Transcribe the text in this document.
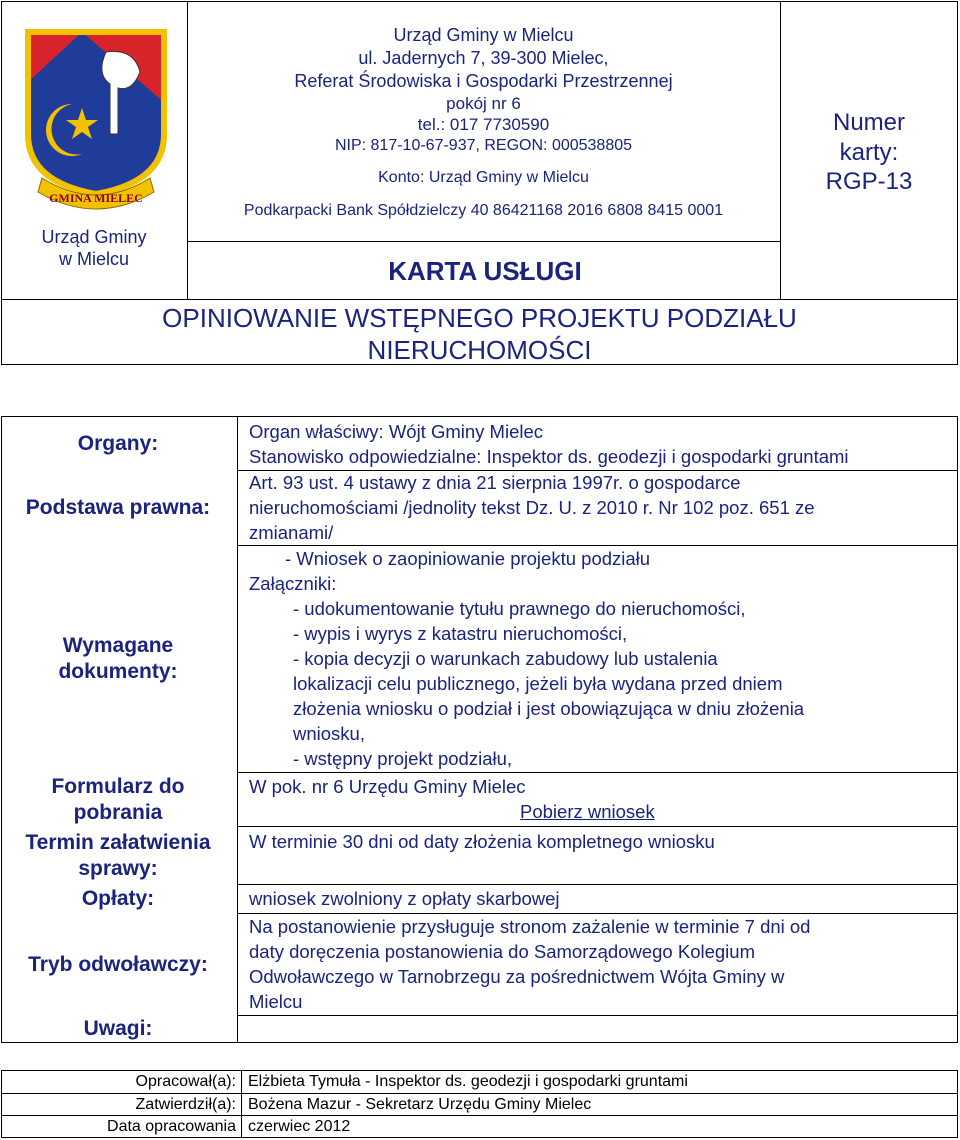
GMINA MIELEC
Urząd Gminy
w Mielcu
Urząd Gminy w Mielcu
ul. Jadernych 7, 39-300 Mielec,
Referat Środowiska i Gospodarki Przestrzennej
pokój nr 6
tel.: 017 7730590
NIP: 817-10-67-937, REGON: 000538805
Konto: Urząd Gminy w Mielcu
Podkarpacki Bank Spółdzielczy 40 86421168 2016 6808 8415 0001
KARTA USŁUGI
Numer karty:
RGP-13
OPINIOWANIE WSTĘPNEGO PROJEKTU PODZIAŁU
NIERUCHOMOŚCI
Organy:
Podstawa prawna:
Wymagane
dokumenty:
Formularz do
pobrania
Termin załatwienia
sprawy:
Opłaty:
Tryb odwoławczy:
Uwagi:
Organ właściwy: Wójt Gminy Mielec
Stanowisko odpowiedzialne: Inspektor ds. geodezji i gospodarki gruntami
Art. 93 ust. 4 ustawy z dnia 21 sierpnia 1997r. o gospodarce
nieruchomościami /jednolity tekst Dz. U. z 2010 r. Nr 102 poz. 651 ze
zmianami/
- Wniosek o zaopiniowanie projektu podziału
Załączniki:
- udokumentowanie tytułu prawnego do nieruchomości,
- wypis i wyrys z katastru nieruchomości,
- kopia decyzji o warunkach zabudowy lub ustalenia
lokalizacji celu publicznego, jeżeli była wydana przed dniem
złożenia wniosku o podział i jest obowiązująca w dniu złożenia
wniosku,
- wstępny projekt podziału,
W pok. nr 6 Urzędu Gminy Mielec
Pobierz wniosek
W terminie 30 dni od daty złożenia kompletnego wniosku
wniosek zwolniony z opłaty skarbowej
Na postanowienie przysługuje stronom zażalenie w terminie 7 dni od
daty doręczenia postanowienia do Samorządowego Kolegium
Odwoławczego w Tarnobrzegu za pośrednictwem Wójta Gminy w
Mielcu
Opracował(a): Elżbieta Tymuła - Inspektor ds. geodezji i gospodarki gruntami
Zatwierdził(a): Bożena Mazur - Sekretarz Urzędu Gminy Mielec
Data opracowania czerwiec 2012
